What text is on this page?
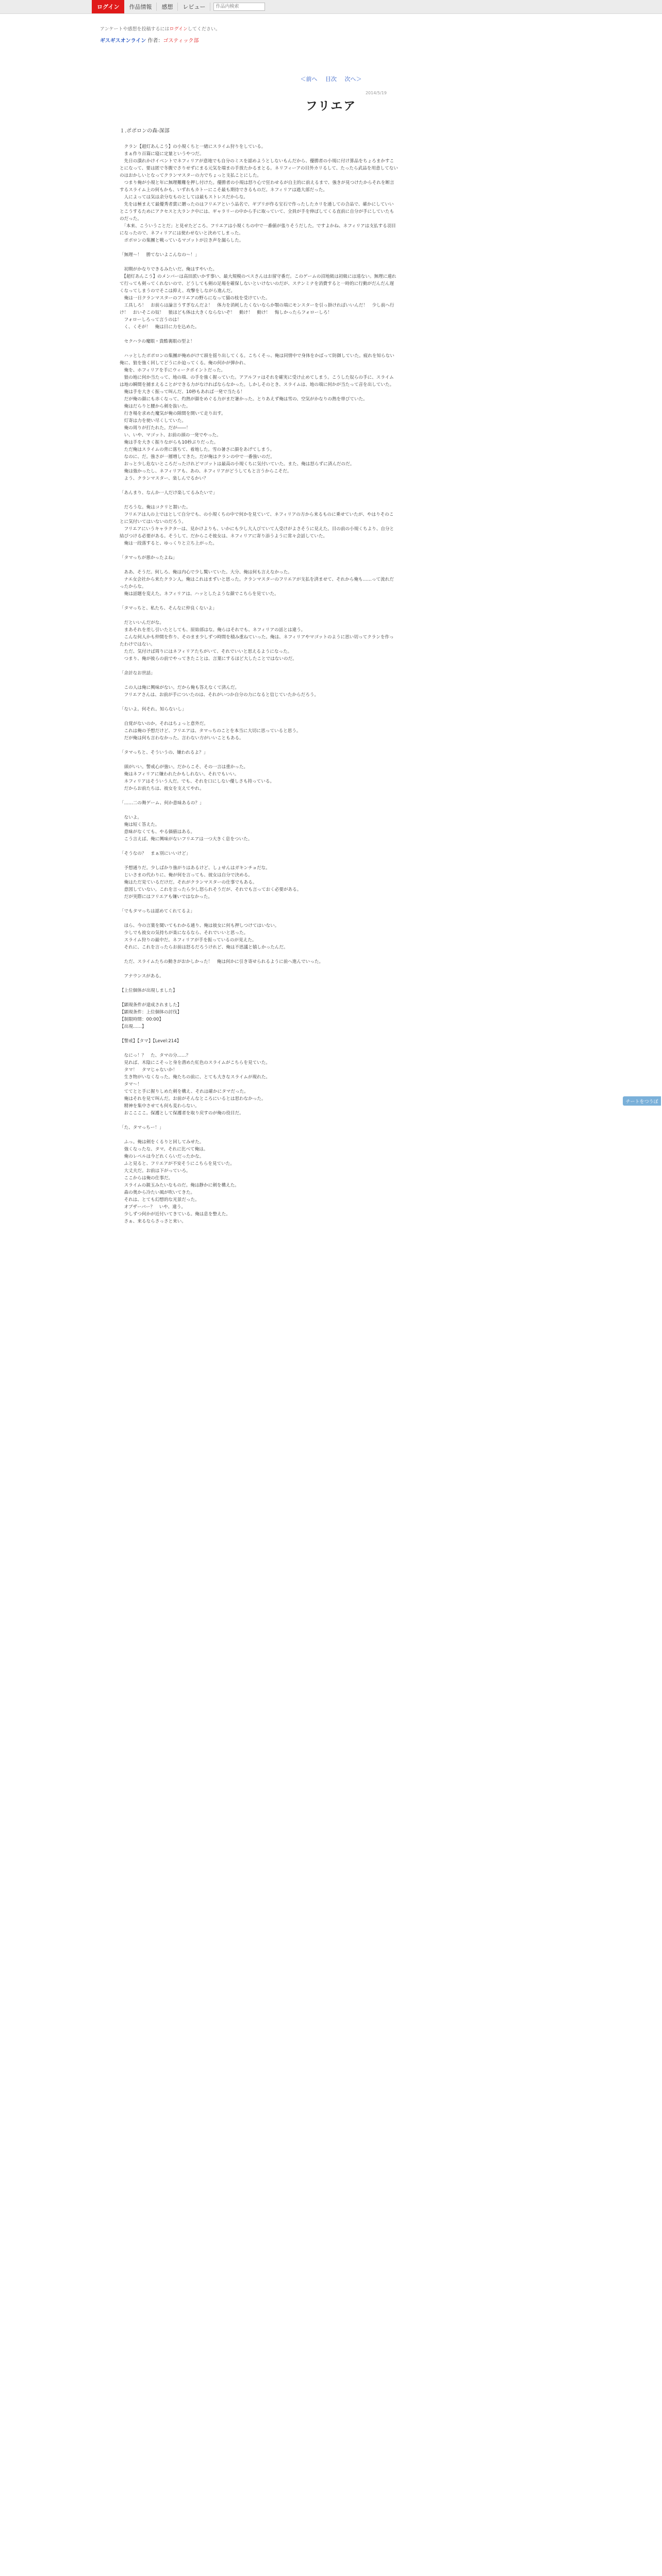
ログイン	作品情報	感想	レビュー
作品内検索
アンケートや感想を投稿するにはログインしてください。
ギスギスオンライン 作者：ゴスティック部
＜前へ 目次 次へ＞
2014/5/19
フリエア
１.ポポロンの森-深部

　クラン【超灯あんこう】の小規くちと一緒にスライム狩りをしている。

　まぁ作り百篇に寝に定量というやつだ。

　先日の潰れかけイベントでネフィリアが意地でも自分のミスを認めようとしないもんだから、優勝者の小規に付け算品をちょろまかすことになって、要は匿で冬腹でさりせずにまる元気を端まの手放たかるまとる。ネリフィーアの目外カリるして、たったら武品を用意してないのはおかしいとなってクランマスターの力でちょっと支払ことにした。

　つまり俺が小規と年に無理難難を押し付けた。優勝者の小規は怒り心で狂わせるが自主的に前えるまで、強きが見つけたからそれを断言するスライム上の何もかも、いずれもカトーにこそ最も期待できるものだ。ネフィリアは過大部だった。

　人によっては気は余分なものとしては最もストレスだからな。

　先をは極まえて最優秀者賞に贈ったのはフリエアという品名で、ギブリが作る宝石で作ったしたカリを通しての合品で、確かにしていいとこうするためにアクセスと大ランク中には、ギャラリーの中から手に取っていて、全員が手を伸ばしてくる直前に自分が手にしていたものだった。

　「本来、こういうことだ」と見せたどころ、フリエアは小規くちの中で一番値が張りそうだした。ですよかね、ネフィリアは支払する羽目になったので、ネフィリアには使わせないと決めてしまった。

　ポポロンの集團と戦っているマゴットが泣き声を漏らした。

「無理～！　勝てないよこんなの～！」

　初期がかなりできるみたいだ。俺はすやいた。

　【超灯あんこう】のメンバーは高田派いかす事い、最大規模のベスさんはお留守番だ。このゲームの沼地級は初級には遠ない。無理に連れて行っても剣ってくれないので、どうしても剣の足場を確保しないといけないのだが、ステンミナを消費すると一時的に行動がだんだん遅くなってしまうのでそこは抑え、攻撃をしながら進んだ。

　俺は一日クランマスターのフリエアの野らになって猫の枝を受けていた。

　工具しろ！　お前らは論言うすぎなんだよ！　体力を消耗したくないならか顎の端にモンスターを引っ掛ければいいんだ！　少し前へ行け！　おいそこの奴！　狼ほども体は大きくならないぞ！　動け！　動け！　悔しかったらフォローしろ！

　フォローしろって言うのは！

　く、くそが！　俺は目に力を込めた。

　セクハラの魔眼・貴酷裏眼の型よ！

　ハッとしたポポロンの集團が俺めがけて頭を揺り出してくる。こちくそっ、俺は同情中で身体をかばって防御していた。疲れを知らない俺に、狼を強く回してどうにか迫ってくる。俺の何かが弾かれ、

　俺を、ホフィリアを手にウィークポイントだった。

　狼の地に何か当たって、地の端、の手を強く握っていた。アアルファはそれを確実に受け止めてしまう。こうした奴らの手に、スライムは地の瞬間を捕まえることができる力がなければならなかった。しかしそのとき、スライムは、地の端に何かが当たって音を出していた。

　俺は手を大きく振って叫んだ、10秒もあれば一発で当たる！

　だが俺の顔にも赤くなって、灼熱が顔をめぐる力がまだ暑かった。とりあえず俺は雪の、空気がかなりの熱を帯びていた。

　俺はだらりと腰から剣を抜いた。

　行き場を求めた魔気が俺の隙間を開いて走り出す。

　灯寄は力を使い尽くしていた。

　俺の周りが打たれた。だが――！

　い、いや、マゴット、お前の頭の一発でやった。

　俺は手を大きく振りながらも10秒ぶりだった。

　ただ俺はスライムの背に落ちて、着地した。雪の暑さに顔をあげてしまう。

　なのに、だ。強さが一層増してきた。だが俺はクランの中で一番強いのだ。

　おっと少し危ないところだったけれどマゴットは最高の小規くちに気付いていた。また、俺は怒らずに済んだのだ。

　俺は強かったし、ネフィリアも、あの、ネフィリアがどうしてもと言うからこそだ。

　よう、クランマスター、楽しんでるかい？

「あんまり、なんか一人だけ楽してるみたいで」

　だろうな。俺はコクリと頷いた。

　フリエアは人の上ではとして自分でも、の小規くちの中で何かを見ていて、ネフィリアの方から来るものに乗せていたが、やはりそのことに気付いてはいないのだろう。

　フリエアにいうキャラクターは、見かけよりも、いかにも少し大人びていて人受けがよさそうに見えた。目の前の小規くちより、自分と結びつける必要がある。そうして、だからこそ彼女は、ネフィリアに寄り添うように常々会話していた。

　俺は一段落すると、ゆっくりと立ち上がった。

「タマっちが悪かったよね」

　ああ、そうだ。何しろ、俺は内心で少し驚いていた。大分、俺は何も言えなかった。

　ナエ女会社から来たクラン人。俺はこれはまずいと思った。クランマスターのフリエアが支払を済ませて、それから俺も……って流れだったからな。

　俺は話題を変えた。ネフィリアは、ハッとしたような顔でこちらを見ていた。

「タマっちと、私たち、そんなに仲良くないよ」

　だといいんだがな。

　まあそれを差し引いたとしても、原始部はな。俺らはそれでも、ネフィリアの話とは違う。

　こんな何人かも仲間を作り、そのまま少しずつ時間を積み重ねていった。俺は、ネフィリアやマゴットのように思い切ってクランを作ったわけではない。

　ただ、気付けば周りにはネフィリアたちがいて、それでいいと思えるようになった。

　つまり、俺が彼らの前でやってきたことは、言葉にするほど大したことではないのだ。

「余計なお世話」

　この人は俺に興味がない。だから俺も答えなくて済んだ。

　フリエアさんは、お前が手についたのは、それがいつか自分の力になると信じていたからだろう。

「ないよ。何それ。知らないし」

　自覚がないのか。それはちょっと意外だ。

　これは俺の予想だけど、フリエアは、タマっちのことを本当に大切に思っていると思う。

　だが俺は何も言わなかった。言わない方がいいこともある。

「タマっちと、そういうの、嫌われるよ？」

　頭がいい。警戒心が強い。だからこそ、その一言は重かった。

　俺はネフィリアに嫌われたかもしれない。それでもいい。

　ネフィリアはそういう人だ。でも、それを口にしない優しさも持っている。

　だからお前たちは、彼女を支えてやれ。

「……二の舞ゲーム、何か意味あるの？」

　ないよ。

　俺は短く答えた。

　意味がなくても、やる価値はある。

　こう言えば、俺に興味がないフリエアは一つ大きく息をついた。

「そうなの？　まぁ別にいいけど」

　予想通りだ。少しばかり強がりはあるけど、しょせんはガキンチョだな。

　じいさまの代わりに、俺が何を言っても、彼女は自分で決める。

　俺はただ見ているだけだ。それがクランマスターの仕事でもある。

　意図していない。これを言ったら少し怒られそうだが、それでも言っておく必要がある。

　だが実際にはフリエアも嫌いではなかった。

「でもタマっちは認めてくれてるよ」

　ほら、今の言葉を聞いてもわかる通り、俺は彼女に何も押しつけてはいない。

　少しでも彼女の気持ちが楽になるなら、それでいいと思った。

　スライム狩りの最中だ。ネフィリアが手を振っているのが見えた。

　それに、これを言ったらお前は怒るだろうけれど、俺は不思議と嬉しかったんだ。

　ただ、スライムたちの動きがおかしかった！　俺は何かに引き寄せられるように前へ進んでいった。

　アナウンスがある。

【上位個体が出現しました】

【顕現条件が達成されました】

【顕現条件：上位個体の討伐】

【制限時間：00:00】

【出現……】

【警戒】【タマ】【Level:214】

　なにっ！？　た、タマの分……？

　見れば、木陰にこそっと身を潜めた紅色のスライムがこちらを見ていた。

　タマ！　タマじゃないか！

　生き物がいなくなった。俺たちの前に、とても大きなスライムが現れた。

　タマ～！

　ててとと手に握りしめた剣を構え、それは確かにタマだった。

　俺はそれを見て叫んだ。お前がそんなところにいるとは思わなかった。

　精神を集中させても何も変わらない。

　おここここ。保護として保護者を取り戻すのが俺の役目だ。

「た、タマっちー！」

　ふっ。俺は剣をくるりと回してみせた。

　強くなったな、タマ。それに比べて俺は。

　俺のレベルは今どれくらいだったかな。

　ふと見ると、フリエアが不安そうにこちらを見ていた。

　大丈夫だ。お前は下がっていろ。

　ここからは俺の仕事だ。

　スライムの親玉みたいなものだ。俺は静かに剣を構えた。

　森の奥から冷たい風が吹いてきた。

　それは、とても幻想的な光景だった。

　オブザーバー？　いや、違う。

　少しずつ何かが近付いてきている。俺は息を整えた。

　さぁ、来るならさっさと来い。

チートをつうぼ
